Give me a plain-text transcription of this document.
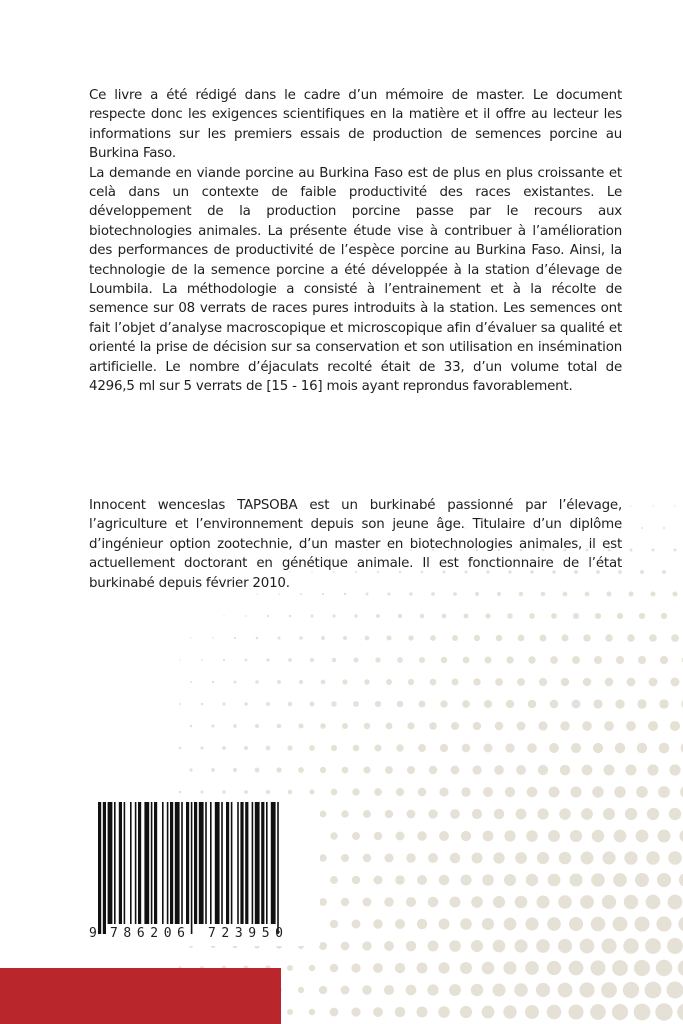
Ce livre a été rédigé dans le cadre d’un mémoire de master. Le document respecte donc les exigences scientifiques en la matière et il offre au lecteur les informations sur les premiers essais de production de semences porcine au Burkina Faso.

La demande en viande porcine au Burkina Faso est de plus en plus croissante et celà dans un contexte de faible productivité des races existantes. Le développement de la production porcine passe par le recours aux biotechnologies animales. La présente étude vise à contribuer à l’amélioration des performances de productivité de l’espèce porcine au Burkina Faso. Ainsi, la technologie de la semence porcine a été développée à la station d’élevage de Loumbila. La méthodologie a consisté à l’entrainement et à la récolte de semence sur 08 verrats de races pures introduits à la station. Les semences ont fait l’objet d’analyse macroscopique et microscopique afin d’évaluer sa qualité et orienté la prise de décision sur sa conservation et son utilisation en insémination artificielle. Le nombre d’éjaculats recolté était de 33, d’un volume total de 4296,5 ml sur 5 verrats de [15 - 16] mois ayant reprondus favorablement.

Innocent wenceslas TAPSOBA est un burkinabé passionné par l’élevage, l’agriculture et l’environnement depuis son jeune âge. Titulaire d’un diplôme d’ingénieur option zootechnie, d’un master en biotechnologies animales, il est actuellement doctorant en génétique animale. Il est fonctionnaire de l’état burkinabé depuis février 2010.

9 786206 723950
